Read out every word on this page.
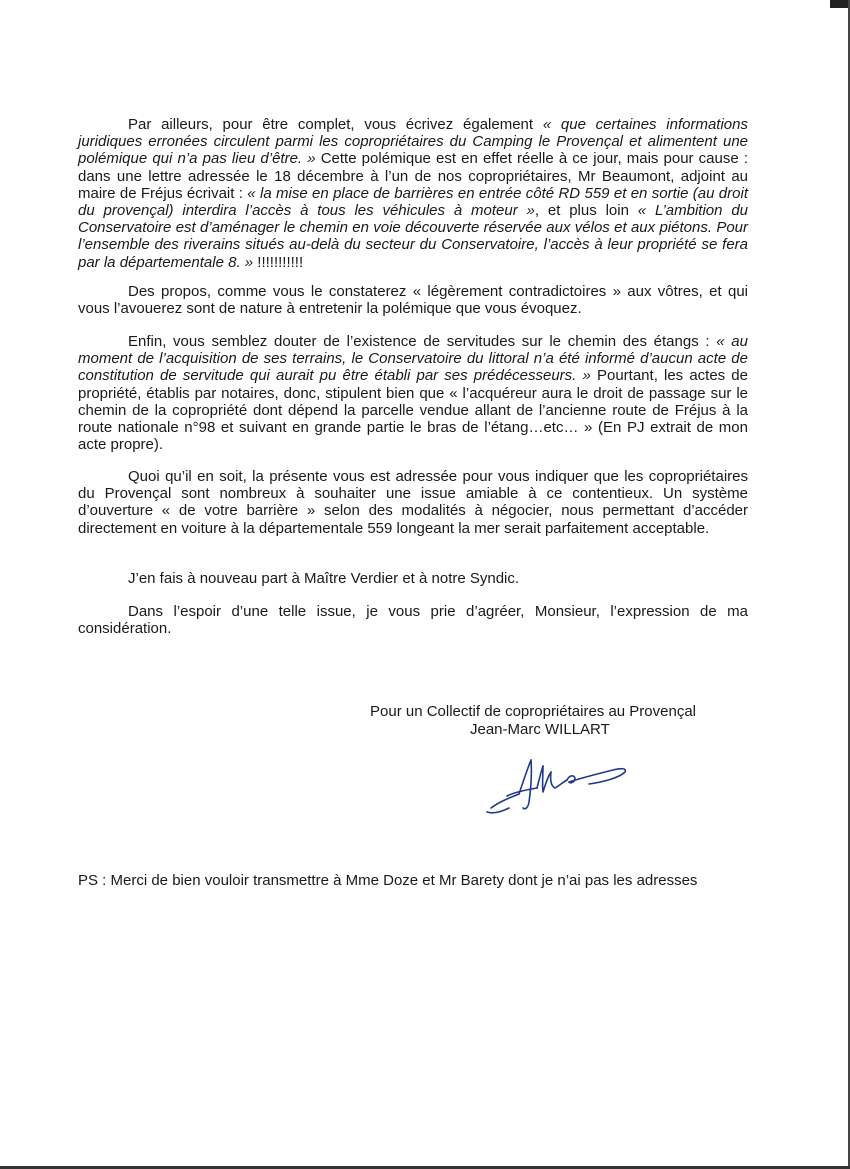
Par ailleurs, pour être complet, vous écrivez également « que certaines informations juridiques erronées circulent parmi les copropriétaires du Camping le Provençal et alimentent une polémique qui n’a pas lieu d’être. » Cette polémique est en effet réelle à ce jour, mais pour cause : dans une lettre adressée le 18 décembre à l’un de nos copropriétaires, Mr Beaumont, adjoint au maire de Fréjus écrivait : « la mise en place de barrières en entrée côté RD 559 et en sortie (au droit du provençal) interdira l’accès à tous les véhicules à moteur », et plus loin « L’ambition du Conservatoire est d’aménager le chemin en voie découverte réservée aux vélos et aux piétons. Pour l’ensemble des riverains situés au-delà du secteur du Conservatoire, l’accès à leur propriété se fera par la départementale 8. » !!!!!!!!!!!

Des propos, comme vous le constaterez « légèrement contradictoires » aux vôtres, et qui vous l’avouerez sont de nature à entretenir la polémique que vous évoquez.

Enfin, vous semblez douter de l’existence de servitudes sur le chemin des étangs : « au moment de l’acquisition de ses terrains, le Conservatoire du littoral n’a été informé d’aucun acte de constitution de servitude qui aurait pu être établi par ses prédécesseurs. » Pourtant, les actes de propriété, établis par notaires, donc, stipulent bien que « l’acquéreur aura le droit de passage sur le chemin de la copropriété dont dépend la parcelle vendue allant de l’ancienne route de Fréjus à la route nationale n°98 et suivant en grande partie le bras de l’étang…etc… » (En PJ extrait de mon acte propre).

Quoi qu’il en soit, la présente vous est adressée pour vous indiquer que les copropriétaires du Provençal sont nombreux à souhaiter une issue amiable à ce contentieux. Un système d’ouverture « de votre barrière » selon des modalités à négocier, nous permettant d’accéder directement en voiture à la départementale 559 longeant la mer serait parfaitement acceptable.

J’en fais à nouveau part à Maître Verdier et à notre Syndic.

Dans l’espoir d’une telle issue, je vous prie d’agréer, Monsieur, l’expression de ma considération.

Pour un Collectif de copropriétaires au Provençal
Jean-Marc WILLART
PS : Merci de bien vouloir transmettre à Mme Doze et Mr Barety dont je n’ai pas les adresses
